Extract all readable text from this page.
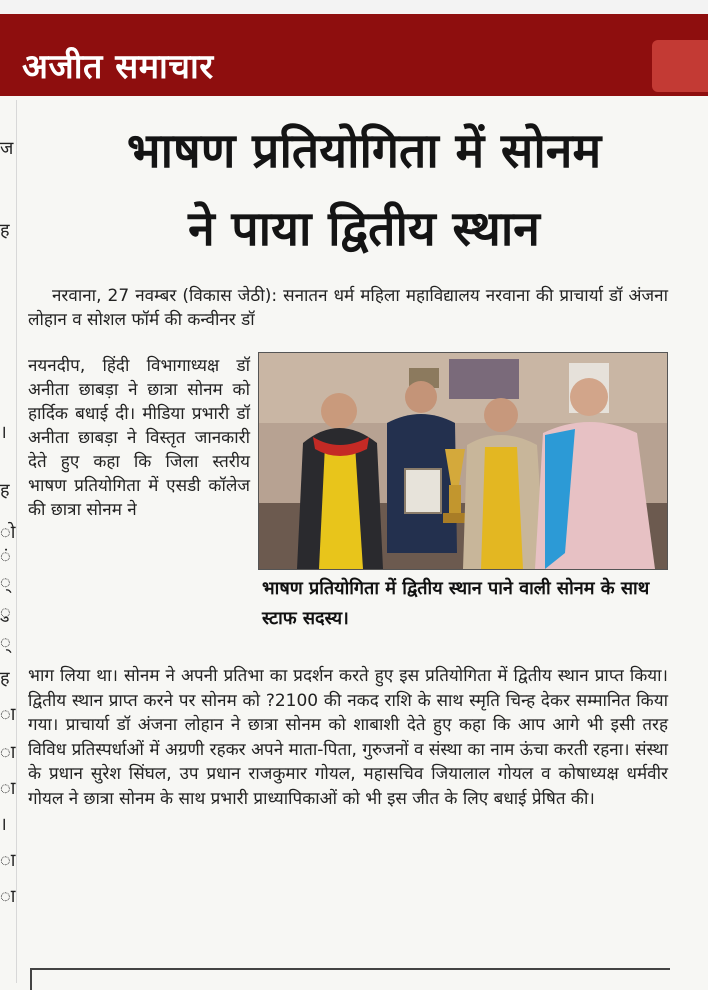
अजीत समाचार
ज
ह
।
ह
ो
ं
्
ु
्
ह
ा
ा
ा
।
ा
ा
भाषण प्रतियोगिता में सोनम
ने पाया द्वितीय स्थान

नरवाना, 27 नवम्बर (विकास जेठी): सनातन धर्म महिला महाविद्यालय नरवाना की प्राचार्या डॉ अंजना लोहान व सोशल फॉर्म की कन्वीनर डॉ

नयनदीप, हिंदी विभागाध्यक्ष डॉ अनीता छाबड़ा ने छात्रा सोनम को हार्दिक बधाई दी। मीडिया प्रभारी डॉ अनीता छाबड़ा ने विस्तृत जानकारी देते हुए कहा कि जिला स्तरीय भाषण प्रतियोगिता में एसडी कॉलेज की छात्रा सोनम ने
भाषण प्रतियोगिता में द्वितीय स्थान पाने वाली सोनम के साथ स्टाफ सदस्य।
भाग लिया था। सोनम ने अपनी प्रतिभा का प्रदर्शन करते हुए इस प्रतियोगिता में द्वितीय स्थान प्राप्त किया। द्वितीय स्थान प्राप्त करने पर सोनम को ?2100 की नकद राशि के साथ स्मृति चिन्ह देकर सम्मानित किया गया। प्राचार्या डॉ अंजना लोहान ने छात्रा सोनम को शाबाशी देते हुए कहा कि आप आगे भी इसी तरह विविध प्रतिस्पर्धाओं में अग्रणी रहकर अपने माता-पिता, गुरुजनों व संस्था का नाम ऊंचा करती रहना। संस्था के प्रधान सुरेश सिंघल, उप प्रधान राजकुमार गोयल, महासचिव जियालाल गोयल व कोषाध्यक्ष धर्मवीर गोयल ने छात्रा सोनम के साथ प्रभारी प्राध्यापिकाओं को भी इस जीत के लिए बधाई प्रेषित की।
